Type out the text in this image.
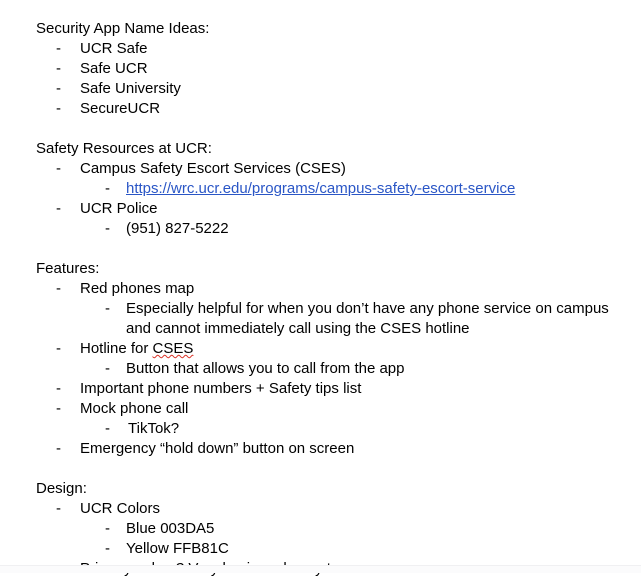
Security App Name Ideas:
-	UCR Safe
-	Safe UCR
-	Safe University
-	SecureUCR
Safety Resources at UCR:
-	Campus Safety Escort Services (CSES)
-	https://wrc.ucr.edu/programs/campus-safety-escort-service
-	UCR Police
-	(951) 827-5222
Features:
-	Red phones map
-	Especially helpful for when you don’t have any phone service on campus and cannot immediately call using the CSES hotline
-	Hotline for CSES
-	Button that allows you to call from the app
-	Important phone numbers + Safety tips list
-	Mock phone call
-	TikTok?
-	Emergency “hold down” button on screen
Design:
-	UCR Colors
-	Blue 003DA5
-	Yellow FFB81C
